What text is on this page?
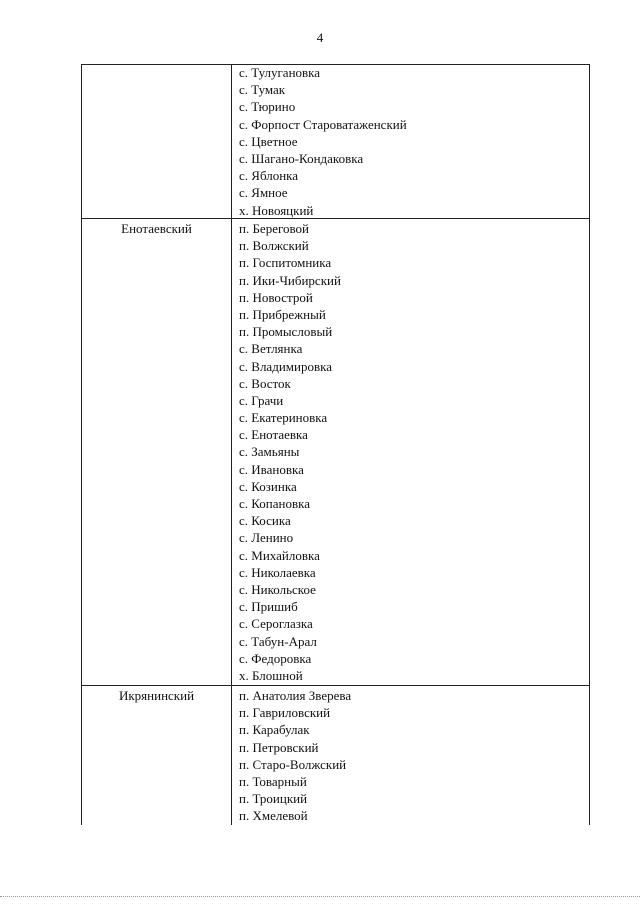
4
с. Тулугановка
с. Тумак
с. Тюрино
с. Форпост Староватаженский
с. Цветное
с. Шагано-Кондаковка
с. Яблонка
с. Ямное
х. Новояцкий
Енотаевский	п. Береговой
п. Волжский
п. Госпитомника
п. Ики-Чибирский
п. Новострой
п. Прибрежный
п. Промысловый
с. Ветлянка
с. Владимировка
с. Восток
с. Грачи
с. Екатериновка
с. Енотаевка
с. Замьяны
с. Ивановка
с. Козинка
с. Копановка
с. Косика
с. Ленино
с. Михайловка
с. Николаевка
с. Никольское
с. Пришиб
с. Сероглазка
с. Табун-Арал
с. Федоровка
х. Блошной
Икрянинский	п. Анатолия Зверева
п. Гавриловский
п. Карабулак
п. Петровский
п. Старо-Волжский
п. Товарный
п. Троицкий
п. Хмелевой
